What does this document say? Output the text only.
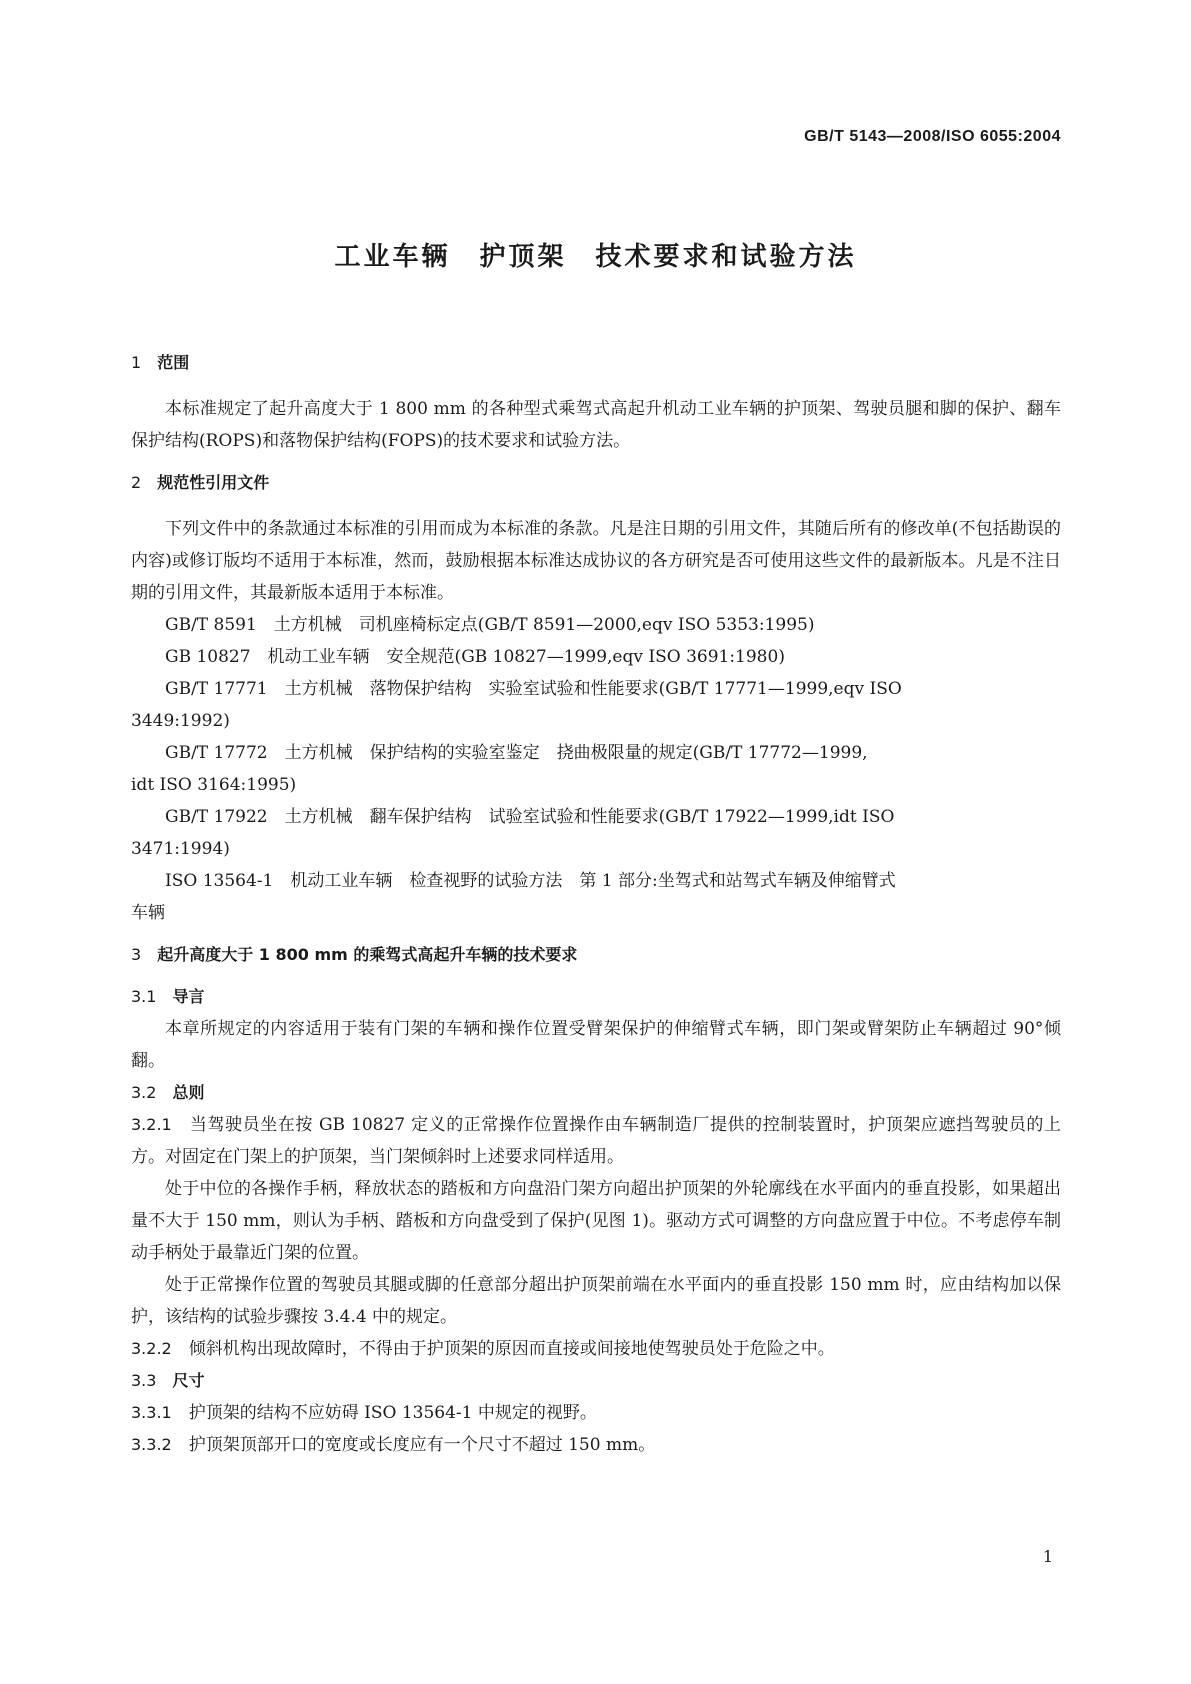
GB/T 5143—2008/ISO 6055:2004
工业车辆　护顶架　技术要求和试验方法
1　 范围

本标准规定了起升高度大于 1 800 mm 的各种型式乘驾式高起升机动工业车辆的护顶架、驾驶员腿和脚的保护、翻车保护结构(ROPS)和落物保护结构(FOPS)的技术要求和试验方法。

2　 规范性引用文件

下列文件中的条款通过本标准的引用而成为本标准的条款。凡是注日期的引用文件，其随后所有的修改单(不包括勘误的内容)或修订版均不适用于本标准，然而，鼓励根据本标准达成协议的各方研究是否可使用这些文件的最新版本。凡是不注日期的引用文件，其最新版本适用于本标准。

GB/T 8591　土方机械　司机座椅标定点(GB/T 8591—2000,eqv ISO 5353:1995)
GB 10827　机动工业车辆　安全规范(GB 10827—1999,eqv ISO 3691:1980)
GB/T 17771　土方机械　落物保护结构　实验室试验和性能要求(GB/T 17771—1999,eqv ISO
3449:1992)
GB/T 17772　土方机械　保护结构的实验室鉴定　挠曲极限量的规定(GB/T 17772—1999,
idt ISO 3164:1995)
GB/T 17922　土方机械　翻车保护结构　试验室试验和性能要求(GB/T 17922—1999,idt ISO
3471:1994)
ISO 13564-1　机动工业车辆　检查视野的试验方法　第 1 部分:坐驾式和站驾式车辆及伸缩臂式
车辆
3　 起升高度大于 1 800 mm 的乘驾式高起升车辆的技术要求
3.1　 导言

本章所规定的内容适用于装有门架的车辆和操作位置受臂架保护的伸缩臂式车辆，即门架或臂架防止车辆超过 90°倾翻。

3.2　 总则

3.2.1　 当驾驶员坐在按 GB 10827 定义的正常操作位置操作由车辆制造厂提供的控制装置时，护顶架应遮挡驾驶员的上方。对固定在门架上的护顶架，当门架倾斜时上述要求同样适用。

处于中位的各操作手柄，释放状态的踏板和方向盘沿门架方向超出护顶架的外轮廓线在水平面内的垂直投影，如果超出量不大于 150 mm，则认为手柄、踏板和方向盘受到了保护(见图 1)。驱动方式可调整的方向盘应置于中位。不考虑停车制动手柄处于最靠近门架的位置。

处于正常操作位置的驾驶员其腿或脚的任意部分超出护顶架前端在水平面内的垂直投影 150 mm 时，应由结构加以保护，该结构的试验步骤按 3.4.4 中的规定。

3.2.2　 倾斜机构出现故障时，不得由于护顶架的原因而直接或间接地使驾驶员处于危险之中。

3.3　 尺寸

3.3.1　 护顶架的结构不应妨碍 ISO 13564-1 中规定的视野。

3.3.2　 护顶架顶部开口的宽度或长度应有一个尺寸不超过 150 mm。

1
